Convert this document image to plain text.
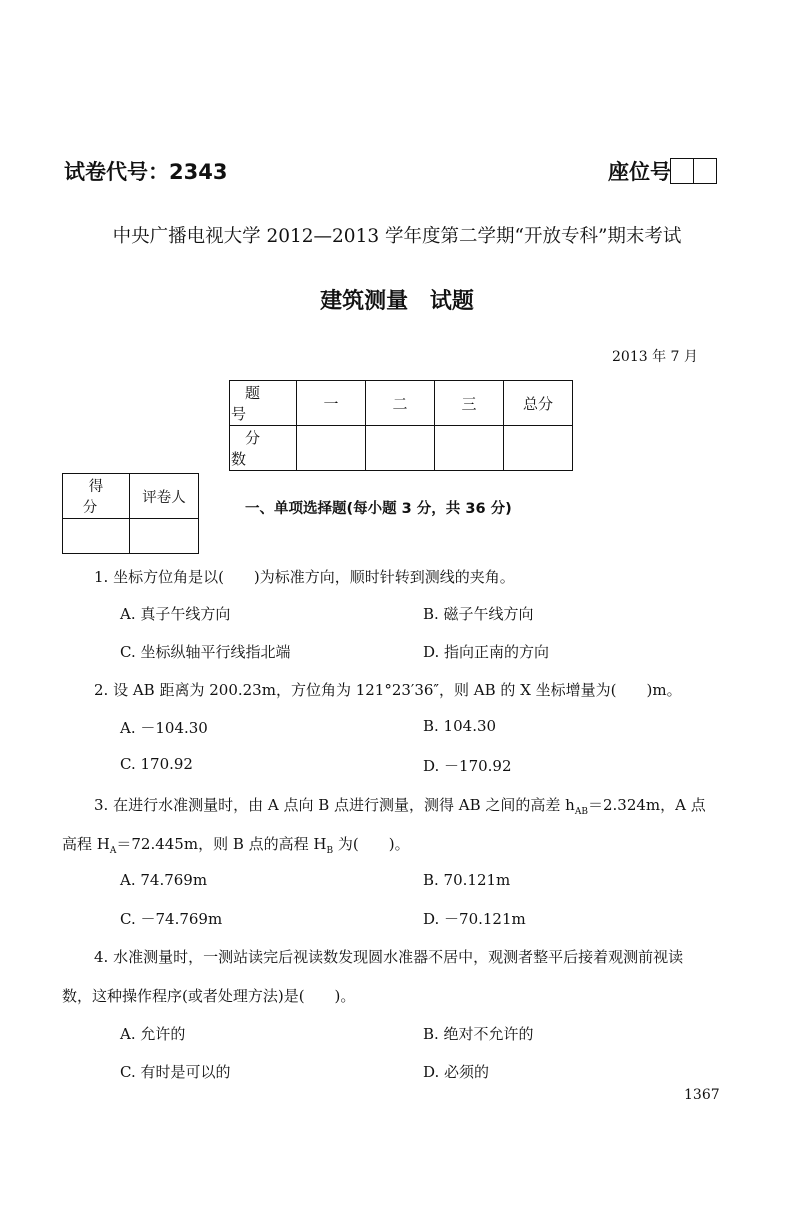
试卷代号：2343	座位号
中央广播电视大学 2012—2013 学年度第二学期“开放专科”期末考试
建筑测量 试题
2013 年 7 月
题号	一	二	三	总分
分数				
得分	评卷人

一、单项选择题(每小题 3 分，共 36 分)
1. 坐标方位角是以(　　)为标准方向，顺时针转到测线的夹角。
A. 真子午线方向	B. 磁子午线方向
C. 坐标纵轴平行线指北端	D. 指向正南的方向
2. 设 AB 距离为 200.23m，方位角为 121°23′36″，则 AB 的 X 坐标增量为(　　)m。
A. －104.30	B. 104.30
C. 170.92	D. －170.92
3. 在进行水准测量时，由 A 点向 B 点进行测量，测得 AB 之间的高差 $h_{AB}=2.324m$，A 点
高程 $H_A=72.445m$，则 B 点的高程 $H_B$ 为(　　)。
A. 74.769m	B. 70.121m
C. －74.769m	D. －70.121m
4. 水准测量时，一测站读完后视读数发现圆水准器不居中，观测者整平后接着观测前视读
数，这种操作程序(或者处理方法)是(　　)。
A. 允许的	B. 绝对不允许的
C. 有时是可以的	D. 必须的
1367
